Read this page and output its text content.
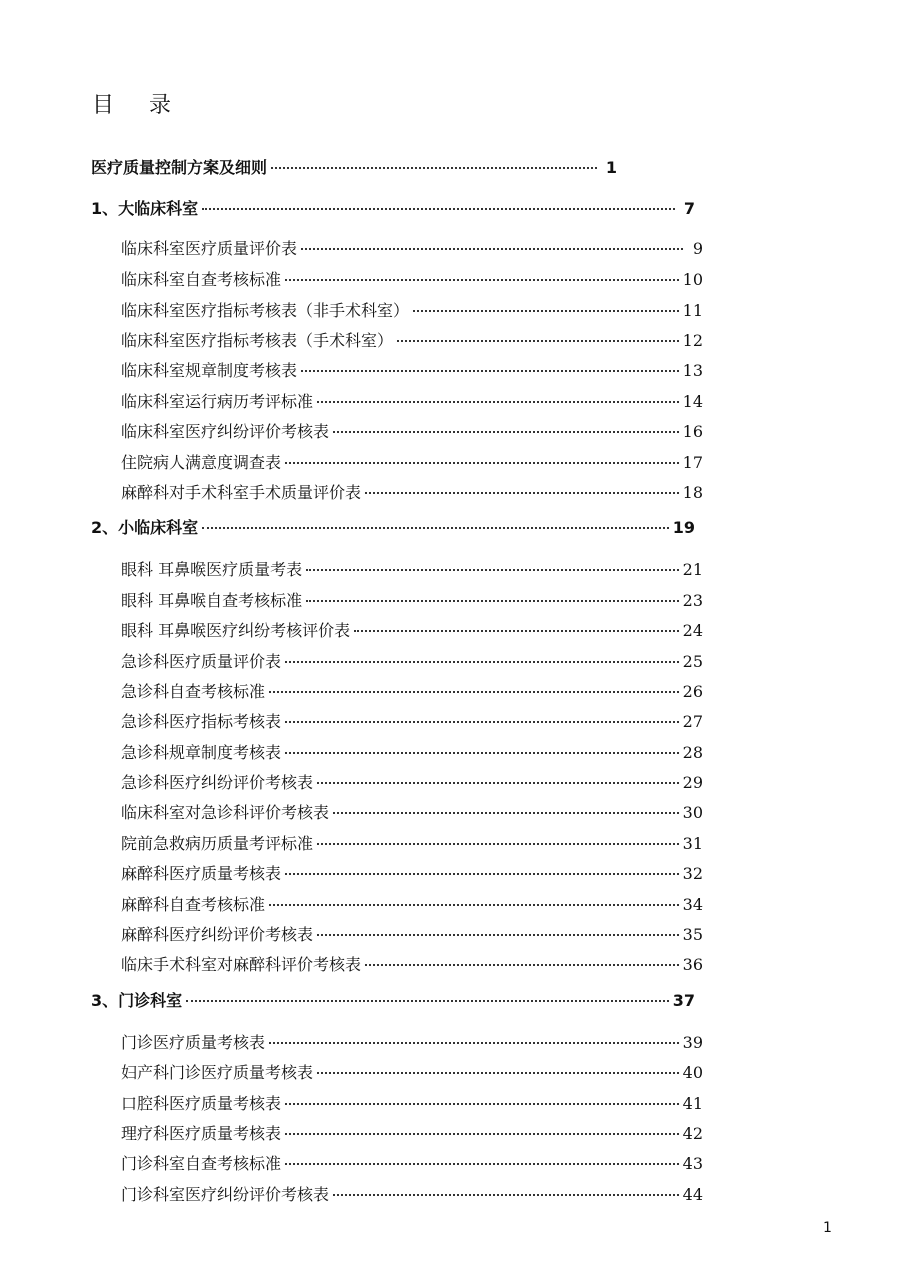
目 录
医疗质量控制方案及细则	1
1、大临床科室	7
临床科室医疗质量评价表	9
临床科室自查考核标准	10
临床科室医疗指标考核表（非手术科室）	11
临床科室医疗指标考核表（手术科室）	12
临床科室规章制度考核表	13
临床科室运行病历考评标准	14
临床科室医疗纠纷评价考核表	16
住院病人满意度调查表	17
麻醉科对手术科室手术质量评价表	18
2、小临床科室	19
眼科 耳鼻喉医疗质量考表	21
眼科 耳鼻喉自查考核标准	23
眼科 耳鼻喉医疗纠纷考核评价表	24
急诊科医疗质量评价表	25
急诊科自查考核标准	26
急诊科医疗指标考核表	27
急诊科规章制度考核表	28
急诊科医疗纠纷评价考核表	29
临床科室对急诊科评价考核表	30
院前急救病历质量考评标准	31
麻醉科医疗质量考核表	32
麻醉科自查考核标准	34
麻醉科医疗纠纷评价考核表	35
临床手术科室对麻醉科评价考核表	36
3、门诊科室	37
门诊医疗质量考核表	39
妇产科门诊医疗质量考核表	40
口腔科医疗质量考核表	41
理疗科医疗质量考核表	42
门诊科室自查考核标准	43
门诊科室医疗纠纷评价考核表	44
1
